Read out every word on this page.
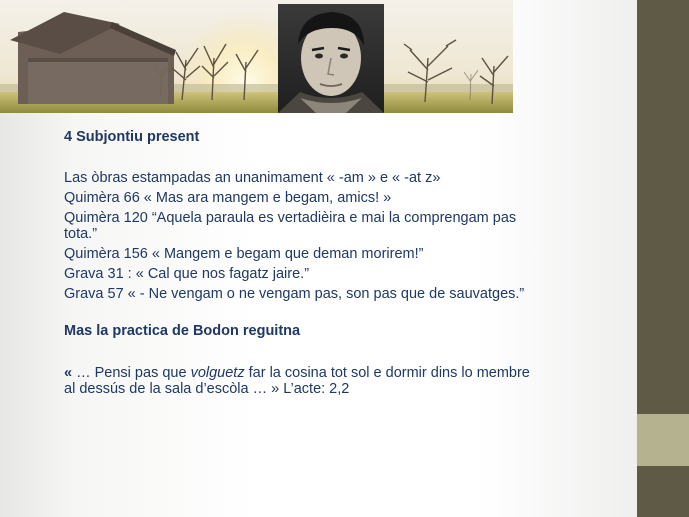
4 Subjontiu present

Las òbras estampadas an unanimament « -am » e « -at z»

Quimèra 66 « Mas ara mangem e begam, amics! »

Quimèra 120 “Aquela paraula es vertadièira e mai la comprengam pas tota.”

Quimèra 156 « Mangem e begam que deman morirem!”

Grava 31 : « Cal que nos fagatz jaire.”

Grava 57 « - Ne vengam o ne vengam pas, son pas que de sauvatges.”

Mas la practica de Bodon reguitna

« … Pensi pas que volguetz far la cosina tot sol e dormir dins lo membre al dessús de la sala d’escòla … » L’acte: 2,2
